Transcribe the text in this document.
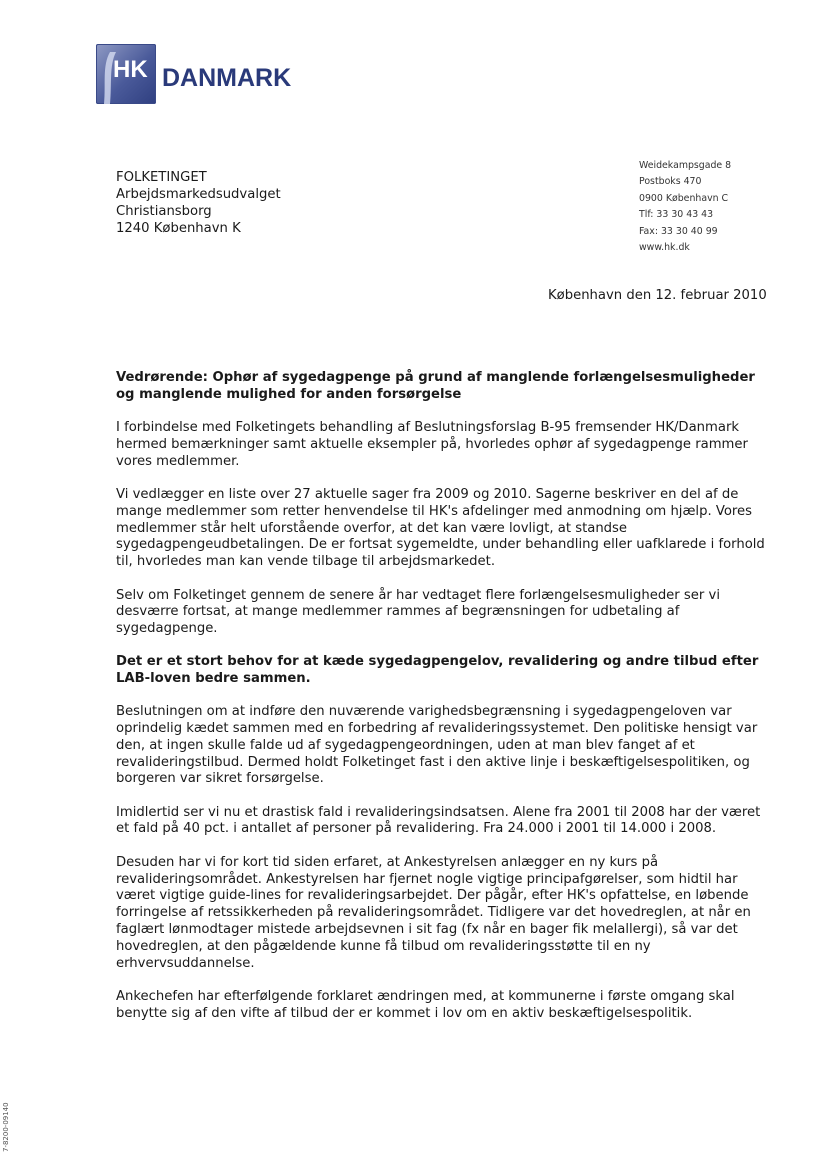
HK DANMARK
FOLKETINGET
Arbejdsmarkedsudvalget
Christiansborg
1240 København K
Weidekampsgade 8
Postboks 470
0900 København C
Tlf: 33 30 43 43
Fax: 33 30 40 99
www.hk.dk
København den 12. februar 2010

Vedrørende: Ophør af sygedagpenge på grund af manglende forlængelsesmuligheder og manglende mulighed for anden forsørgelse

I forbindelse med Folketingets behandling af Beslutningsforslag B-95 fremsender HK/Danmark hermed bemærkninger samt aktuelle eksempler på, hvorledes ophør af sygedagpenge rammer vores medlemmer.

Vi vedlægger en liste over 27 aktuelle sager fra 2009 og 2010. Sagerne beskriver en del af de mange medlemmer som retter henvendelse til HK's afdelinger med anmodning om hjælp. Vores medlemmer står helt uforstående overfor, at det kan være lovligt, at standse sygedagpengeudbetalingen. De er fortsat sygemeldte, under behandling eller uafklarede i forhold til, hvorledes man kan vende tilbage til arbejdsmarkedet.

Selv om Folketinget gennem de senere år har vedtaget flere forlængelsesmuligheder ser vi desværre fortsat, at mange medlemmer rammes af begrænsningen for udbetaling af sygedagpenge.

Det er et stort behov for at kæde sygedagpengelov, revalidering og andre tilbud efter LAB-loven bedre sammen.

Beslutningen om at indføre den nuværende varighedsbegrænsning i sygedagpengeloven var oprindelig kædet sammen med en forbedring af revalideringssystemet. Den politiske hensigt var den, at ingen skulle falde ud af sygedagpengeordningen, uden at man blev fanget af et revalideringstilbud. Dermed holdt Folketinget fast i den aktive linje i beskæftigelsespolitiken, og borgeren var sikret forsørgelse.

Imidlertid ser vi nu et drastisk fald i revalideringsindsatsen. Alene fra 2001 til 2008 har der været et fald på 40 pct. i antallet af personer på revalidering. Fra 24.000 i 2001 til 14.000 i 2008.

Desuden har vi for kort tid siden erfaret, at Ankestyrelsen anlægger en ny kurs på revalideringsområdet. Ankestyrelsen har fjernet nogle vigtige principafgørelser, som hidtil har været vigtige guide-lines for revalideringsarbejdet. Der pågår, efter HK's opfattelse, en løbende forringelse af retssikkerheden på revalideringsområdet. Tidligere var det hovedreglen, at når en faglært lønmodtager mistede arbejdsevnen i sit fag (fx når en bager fik melallergi), så var det hovedreglen, at den pågældende kunne få tilbud om revalideringsstøtte til en ny erhvervsuddannelse.

Ankechefen har efterfølgende forklaret ændringen med, at kommunerne i første omgang skal benytte sig af den vifte af tilbud der er kommet i lov om en aktiv beskæftigelsespolitik.

7-8200-09140
